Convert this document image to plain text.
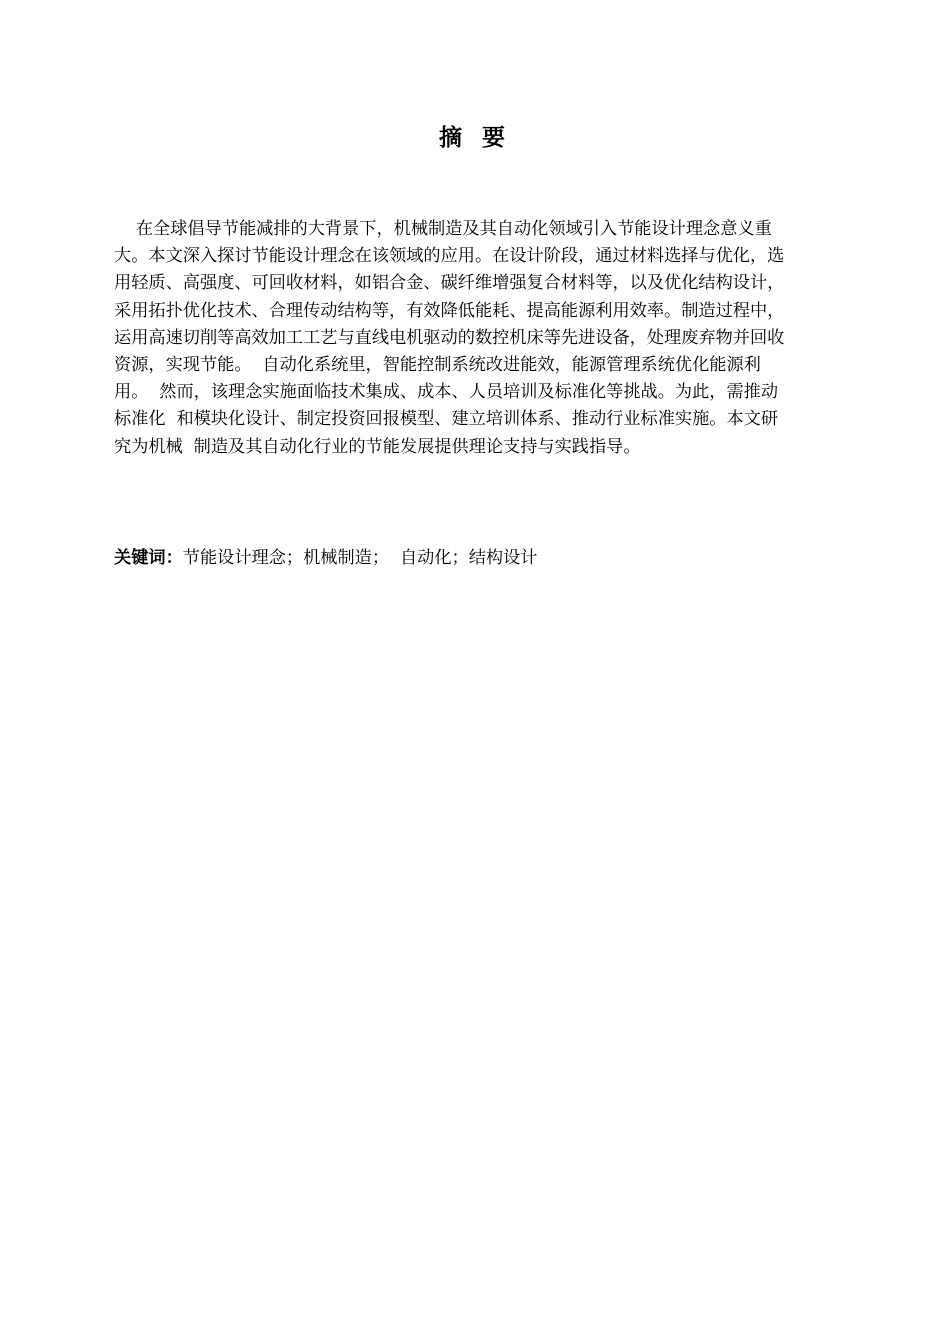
摘 要
在全球倡导节能减排的大背景下，机械制造及其自动化领域引入节能设计理念意义重
大。本文深入探讨节能设计理念在该领域的应用。在设计阶段，通过材料选择与优化，选
用轻质、高强度、可回收材料，如铝合金、碳纤维增强复合材料等，以及优化结构设计，
采用拓扑优化技术、合理传动结构等，有效降低能耗、提高能源利用效率。制造过程中，
运用高速切削等高效加工工艺与直线电机驱动的数控机床等先进设备，处理废弃物并回收
资源，实现节能。  自动化系统里，智能控制系统改进能效，能源管理系统优化能源利
用。  然而，该理念实施面临技术集成、成本、人员培训及标准化等挑战。为此，需推动
标准化  和模块化设计、制定投资回报模型、建立培训体系、推动行业标准实施。本文研
究为机械  制造及其自动化行业的节能发展提供理论支持与实践指导。
关键词：节能设计理念；机械制造；  自动化；结构设计
